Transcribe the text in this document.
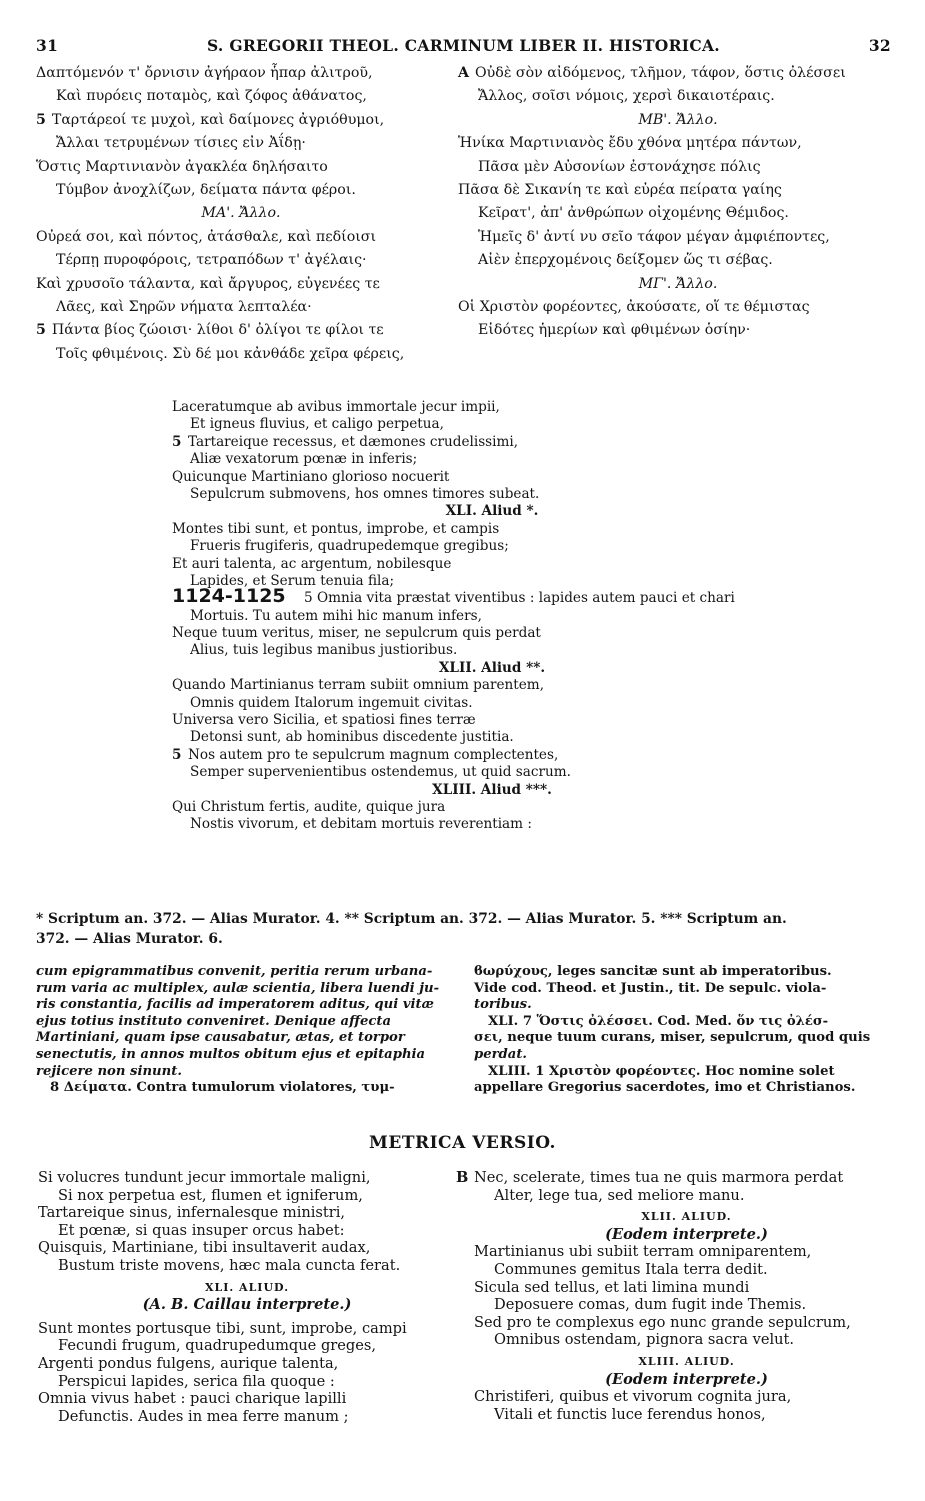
31	S. GREGORII THEOL. CARMINUM LIBER II. HISTORICA.	32
Δαπτόμενόν τ' ὄρνισιν ἀγήραον ἧπαρ ἀλιτροῦ,
Καὶ πυρόεις ποταμὸς, καὶ ζόφος ἀθάνατος,
5 Ταρτάρεοί τε μυχοὶ, καὶ δαίμονες ἀγριόθυμοι,
Ἄλλαι τετρυμένων τίσιες εἰν Ἀΐδῃ·
Ὅστις Μαρτινιανὸν ἀγακλέα δηλήσαιτο
Τύμβον ἀνοχλίζων, δείματα πάντα φέροι.
ΜΑ'. Ἄλλο.
Οὐρεά σοι, καὶ πόντος, ἀτάσθαλε, καὶ πεδίοισι
Τέρπῃ πυροφόροις, τετραπόδων τ' ἀγέλαις·
Καὶ χρυσοῖο τάλαντα, καὶ ἄργυρος, εὐγενέες τε
Λᾶες, καὶ Σηρῶν νήματα λεπταλέα·
5 Πάντα βίος ζώοισι· λίθοι δ' ὀλίγοι τε φίλοι τε
Τοῖς φθιμένοις. Σὺ δέ μοι κἀνθάδε χεῖρα φέρεις,
A Οὐδὲ σὸν αἰδόμενος, τλῆμον, τάφον, ὅστις ὀλέσσει
Ἄλλος, σοῖσι νόμοις, χερσὶ δικαιοτέραις.
ΜΒ'. Ἄλλο.
Ἡνίκα Μαρτινιανὸς ἔδυ χθόνα μητέρα πάντων,
Πᾶσα μὲν Αὐσονίων ἐστονάχησε πόλις
Πᾶσα δὲ Σικανίη τε καὶ εὐρέα πείρατα γαίης
Κεῖρατ', ἀπ' ἀνθρώπων οἰχομένης Θέμιδος.
Ἡμεῖς δ' ἀντί νυ σεῖο τάφον μέγαν ἀμφιέποντες,
Αἰὲν ἐπερχομένοις δείξομεν ὥς τι σέβας.
ΜΓ'. Ἄλλο.
Οἱ Χριστὸν φορέοντες, ἀκούσατε, οἵ τε θέμιστας
Εἰδότες ἡμερίων καὶ φθιμένων ὁσίην·
Laceratumque ab avibus immortale jecur impii,
Et igneus fluvius, et caligo perpetua,
5 Tartareique recessus, et dæmones crudelissimi,
Aliæ vexatorum pœnæ in inferis;
Quicunque Martiniano glorioso nocuerit
Sepulcrum submovens, hos omnes timores subeat.
XLI. Aliud *.
Montes tibi sunt, et pontus, improbe, et campis
Frueris frugiferis, quadrupedemque gregibus;
Et auri talenta, ac argentum, nobilesque
Lapides, et Serum tenuia fila;
1124-1125 5 Omnia vita præstat viventibus : lapides autem pauci et chari
Mortuis. Tu autem mihi hic manum infers,
Neque tuum veritus, miser, ne sepulcrum quis perdat
Alius, tuis legibus manibus justioribus.
XLII. Aliud **.
Quando Martinianus terram subiit omnium parentem,
Omnis quidem Italorum ingemuit civitas.
Universa vero Sicilia, et spatiosi fines terræ
Detonsi sunt, ab hominibus discedente justitia.
5 Nos autem pro te sepulcrum magnum complectentes,
Semper supervenientibus ostendemus, ut quid sacrum.
XLIII. Aliud ***.
Qui Christum fertis, audite, quique jura
Nostis vivorum, et debitam mortuis reverentiam :
* Scriptum an. 372. — Alias Murator. 4. ** Scriptum an. 372. — Alias Murator. 5. *** Scriptum an.
372. — Alias Murator. 6.
cum epigrammatibus convenit, peritia rerum urbana-
rum varia ac multiplex, aulæ scientia, libera luendi ju-
ris constantia, facilis ad imperatorem aditus, qui vitæ
ejus totius instituto conveniret. Denique affecta
Martiniani, quam ipse causabatur, ætas, et torpor
senectutis, in annos multos obitum ejus et epitaphia
rejicere non sinunt.
8 Δείματα. Contra tumulorum violatores, τυμ-
ϐωρύχους, leges sancitæ sunt ab imperatoribus.
Vide cod. Theod. et Justin., tit. De sepulc. viola-
toribus.
XLI. 7 Ὅστις ὀλέσσει. Cod. Med. ὅν τις ὀλέσ-
σει, neque tuum curans, miser, sepulcrum, quod quis
perdat.
XLIII. 1 Χριστὸν φορέοντες. Hoc nomine solet
appellare Gregorius sacerdotes, imo et Christianos.
METRICA VERSIO.
Si volucres tundunt jecur immortale maligni,
Si nox perpetua est, flumen et igniferum,
Tartareique sinus, infernalesque ministri,
Et pœnæ, si quas insuper orcus habet:
Quisquis, Martiniane, tibi insultaverit audax,
Bustum triste movens, hæc mala cuncta ferat.
XLI. ALIUD.
(A. B. Caillau interprete.)
Sunt montes portusque tibi, sunt, improbe, campi
Fecundi frugum, quadrupedumque greges,
Argenti pondus fulgens, aurique talenta,
Perspicui lapides, serica fila quoque :
Omnia vivus habet : pauci charique lapilli
Defunctis. Audes in mea ferre manum ;
B Nec, scelerate, times tua ne quis marmora perdat
Alter, lege tua, sed meliore manu.
XLII. ALIUD.
(Eodem interprete.)
Martinianus ubi subiit terram omniparentem,
Communes gemitus Itala terra dedit.
Sicula sed tellus, et lati limina mundi
Deposuere comas, dum fugit inde Themis.
Sed pro te complexus ego nunc grande sepulcrum,
Omnibus ostendam, pignora sacra velut.
XLIII. ALIUD.
(Eodem interprete.)
Christiferi, quibus et vivorum cognita jura,
Vitali et functis luce ferendus honos,
